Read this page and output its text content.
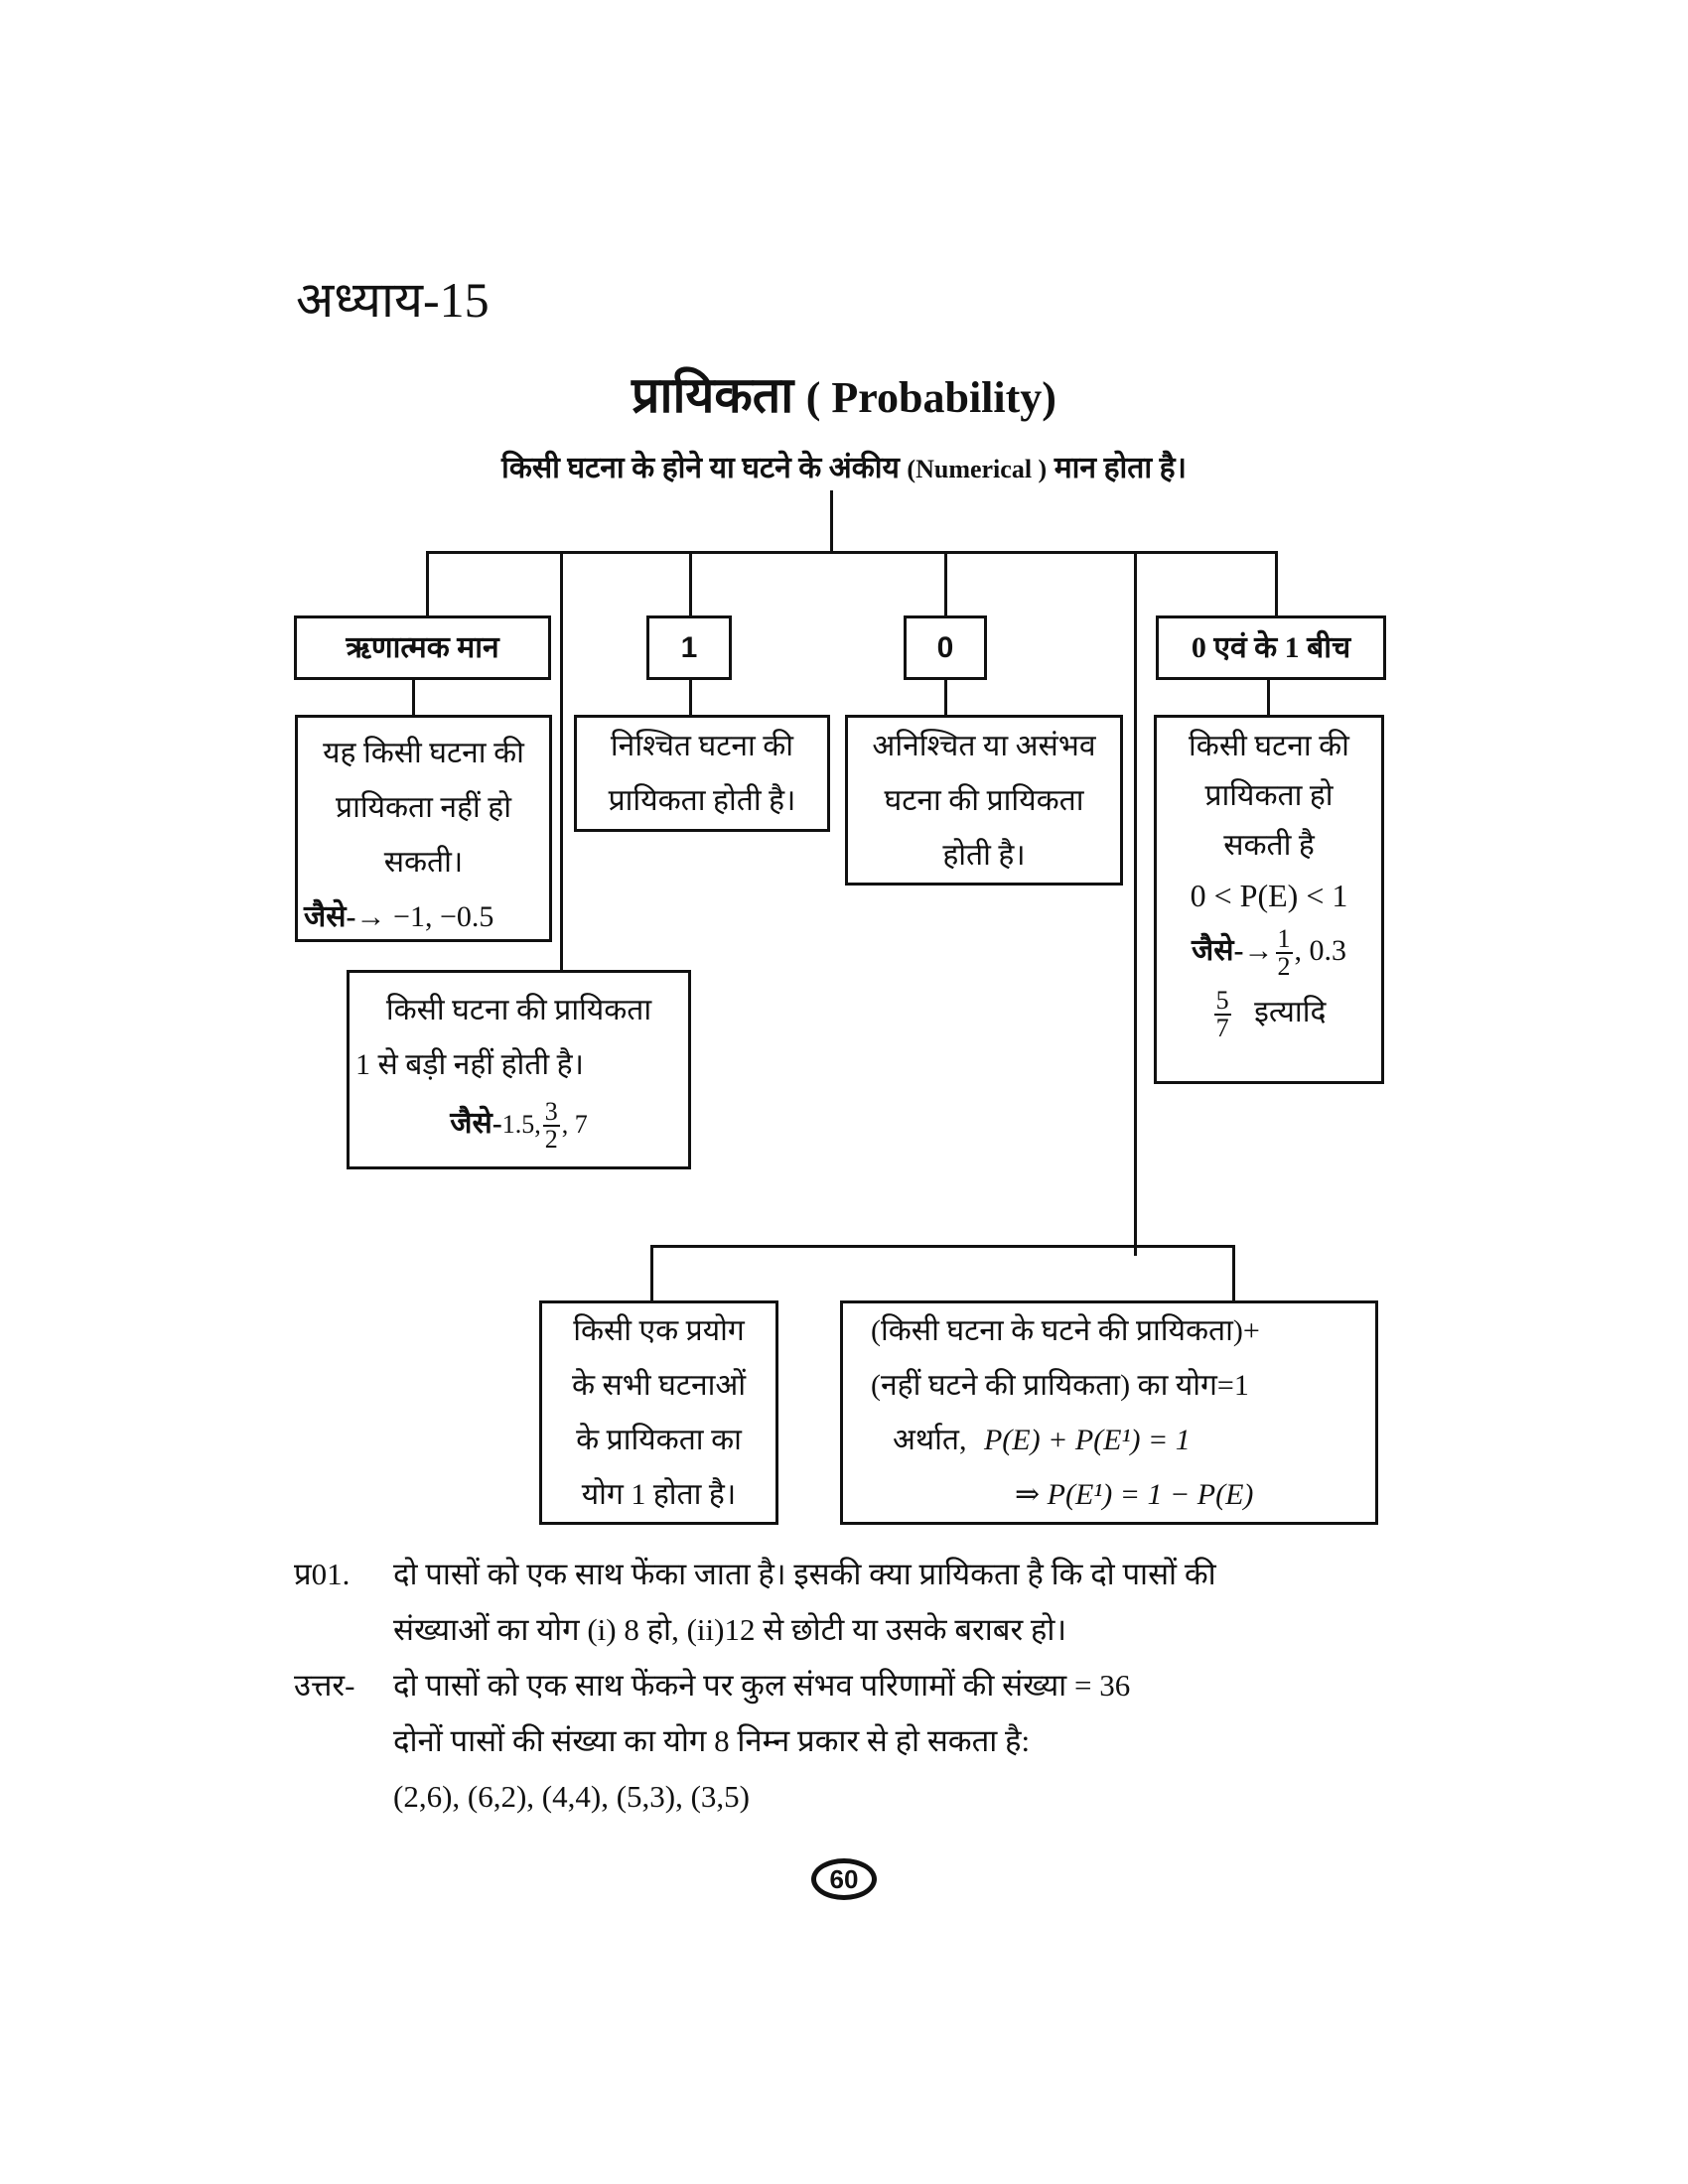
अध्याय-15
प्रायिकता ( Probability)
किसी घटना के होने या घटने के अंकीय (Numerical ) मान होता है।
ऋणात्मक मान	1	0	0 एवं के 1 बीच
यह किसी घटना की
प्रायिकता नहीं हो
सकती।
जैसे-→ −1, −0.5
निश्चित घटना की
प्रायिकता होती है।
अनिश्चित या असंभव
घटना की प्रायिकता
होती है।
किसी घटना की
प्रायिकता हो
सकती है
0 < P(E) < 1
जैसे-→ $\frac{1}{2}$ , 0.3
$\frac{5}{7}$ इत्यादि
किसी घटना की प्रायिकता
1 से बड़ी नहीं होती है।
जैसे-1.5, $\frac{3}{2}$ , 7
किसी एक प्रयोग
के सभी घटनाओं
के प्रायिकता का
योग 1 होता है।
(किसी घटना के घटने की प्रायिकता)+
(नहीं घटने की प्रायिकता) का योग=1
अर्थात, P(E) + P(E¹) = 1
⇒ P(E¹) = 1 − P(E)
प्र01.	दो पासों को एक साथ फेंका जाता है। इसकी क्या प्रायिकता है कि दो पासों की
संख्याओं का योग (i) 8 हो, (ii)12 से छोटी या उसके बराबर हो।
उत्तर-	दो पासों को एक साथ फेंकने पर कुल संभव परिणामों की संख्या = 36
दोनों पासों की संख्या का योग 8 निम्न प्रकार से हो सकता है:
(2,6), (6,2), (4,4), (5,3), (3,5)
60
